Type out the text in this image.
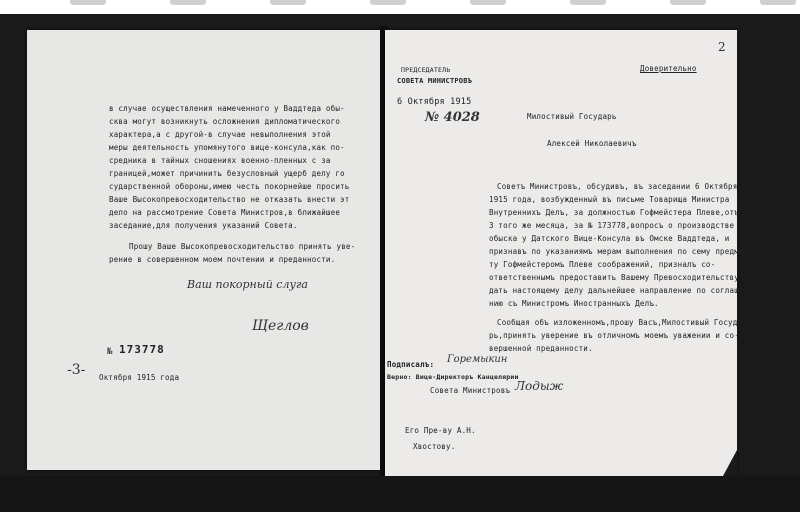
в случае осуществления намеченного у Ваддтеда обы-
сква могут возникнуть осложнения дипломатического
характера,а с другой-в случае невыполнения этой
меры деятельность упомянутого вице-консула,как по-
средника в тайных сношениях военно-пленных с за
границей,может причинить безусловный ущерб делу го
сударственной обороны,имею честь покорнейше просить
Ваше Высокопревосходительство не отказать внести эт
дело на рассмотрение Совета Министров,в ближайшее
заседание,для получения указаний Совета.
Прошу Ваше Высокопревосходительство принять уве-
рение в совершенном моем почтении и преданности.
Ваш покорный слуга
Щеглов
№ 173778
-3- Октября 1915 года
2
ПРЕДСЕДАТЕЛЬ
СОВЕТА МИНИСТРОВЪ
Доверительно
6 Октября 1915
№ 4028	Милостивый Государь
Алексей Николаевичъ
Советъ Министровъ, обсудивъ, въ заседании 6 Октября
1915 года, возбужденный въ письме Товарища Министра
Внутреннихъ Делъ, за должностью Гофмейстера Плеве,отъ
3 того же месяца, за № 173778,вопросъ о производстве
обыска у Датского Вице-Консула въ Омске Ваддтеда, и
признавъ по указаниямъ мерам выполнения по сему предме-
ту Гофмейстеромъ Плеве соображений, призналъ со-
ответственнымъ предоставить Вашему Превосходительству
дать настоящему делу дальнейшее направление по соглаше-
нию съ Министромъ Иностранныхъ Делъ.
Сообщая объ изложенномъ,прошу Васъ,Милостивый Госуда-
рь,принять уверение въ отличномъ моемъ уважении и со-
вершенной преданности.
Подписалъ: Горемыкин
Верно: Вице-Директоръ Канцелярии
Совета Министровъ Лодыж
Его Пре-ву А.Н.
Хвостову.
